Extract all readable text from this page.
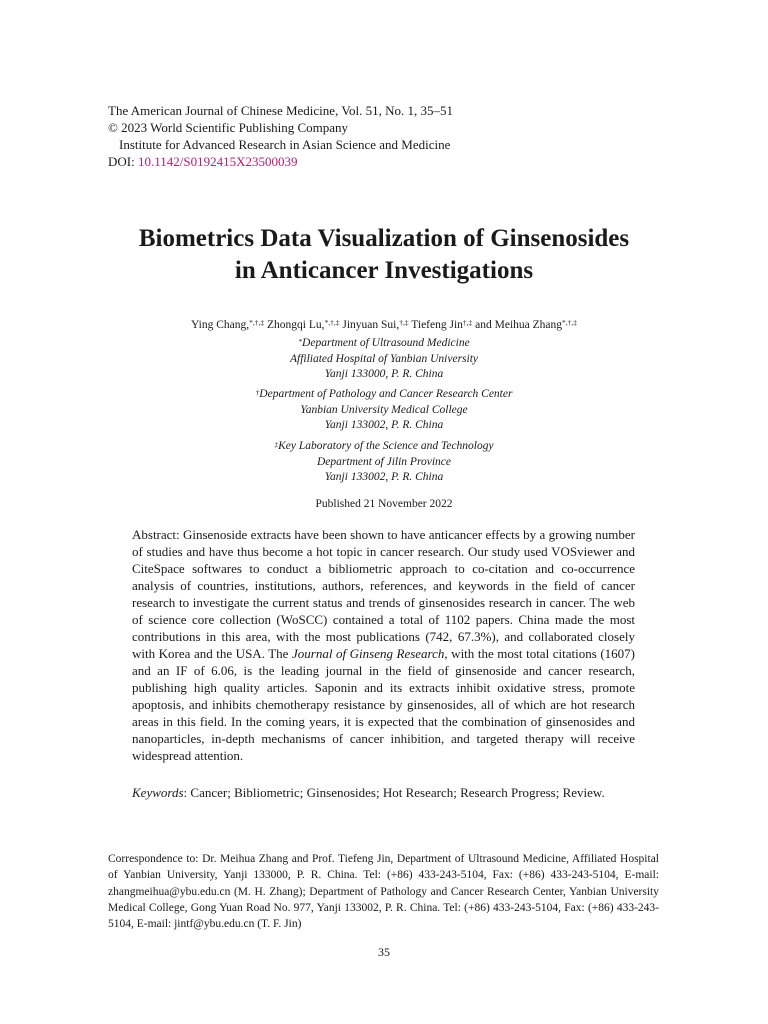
The American Journal of Chinese Medicine, Vol. 51, No. 1, 35–51
© 2023 World Scientific Publishing Company
Institute for Advanced Research in Asian Science and Medicine
DOI: 10.1142/S0192415X23500039
Biometrics Data Visualization of Ginsenosides
in Anticancer Investigations
Ying Chang,*,†,‡ Zhongqi Lu,*,†,‡ Jinyuan Sui,†,‡ Tiefeng Jin†,‡ and Meihua Zhang*,†,‡
*Department of Ultrasound Medicine
Affiliated Hospital of Yanbian University
Yanji 133000, P. R. China
†Department of Pathology and Cancer Research Center
Yanbian University Medical College
Yanji 133002, P. R. China
‡Key Laboratory of the Science and Technology
Department of Jilin Province
Yanji 133002, P. R. China
Published 21 November 2022

Abstract: Ginsenoside extracts have been shown to have anticancer effects by a growing number of studies and have thus become a hot topic in cancer research. Our study used VOSviewer and CiteSpace softwares to conduct a bibliometric approach to co-citation and co-occurrence analysis of countries, institutions, authors, references, and keywords in the field of cancer research to investigate the current status and trends of ginsenosides research in cancer. The web of science core collection (WoSCC) contained a total of 1102 papers. China made the most contributions in this area, with the most publications (742, 67.3%), and collaborated closely with Korea and the USA. The Journal of Ginseng Research, with the most total citations (1607) and an IF of 6.06, is the leading journal in the field of ginsenoside and cancer research, publishing high quality articles. Saponin and its extracts inhibit oxidative stress, promote apoptosis, and inhibits chemotherapy resistance by ginsenosides, all of which are hot research areas in this field. In the coming years, it is expected that the combination of ginsenosides and nanoparticles, in-depth mechanisms of cancer inhibition, and targeted therapy will receive widespread attention.

Keywords: Cancer; Bibliometric; Ginsenosides; Hot Research; Research Progress; Review.

Correspondence to: Dr. Meihua Zhang and Prof. Tiefeng Jin, Department of Ultrasound Medicine, Affiliated Hospital of Yanbian University, Yanji 133000, P. R. China. Tel: (+86) 433-243-5104, Fax: (+86) 433-243-5104, E-mail: zhangmeihua@ybu.edu.cn (M. H. Zhang); Department of Pathology and Cancer Research Center, Yanbian University Medical College, Gong Yuan Road No. 977, Yanji 133002, P. R. China. Tel: (+86) 433-243-5104, Fax: (+86) 433-243-5104, E-mail: jintf@ybu.edu.cn (T. F. Jin)

35
